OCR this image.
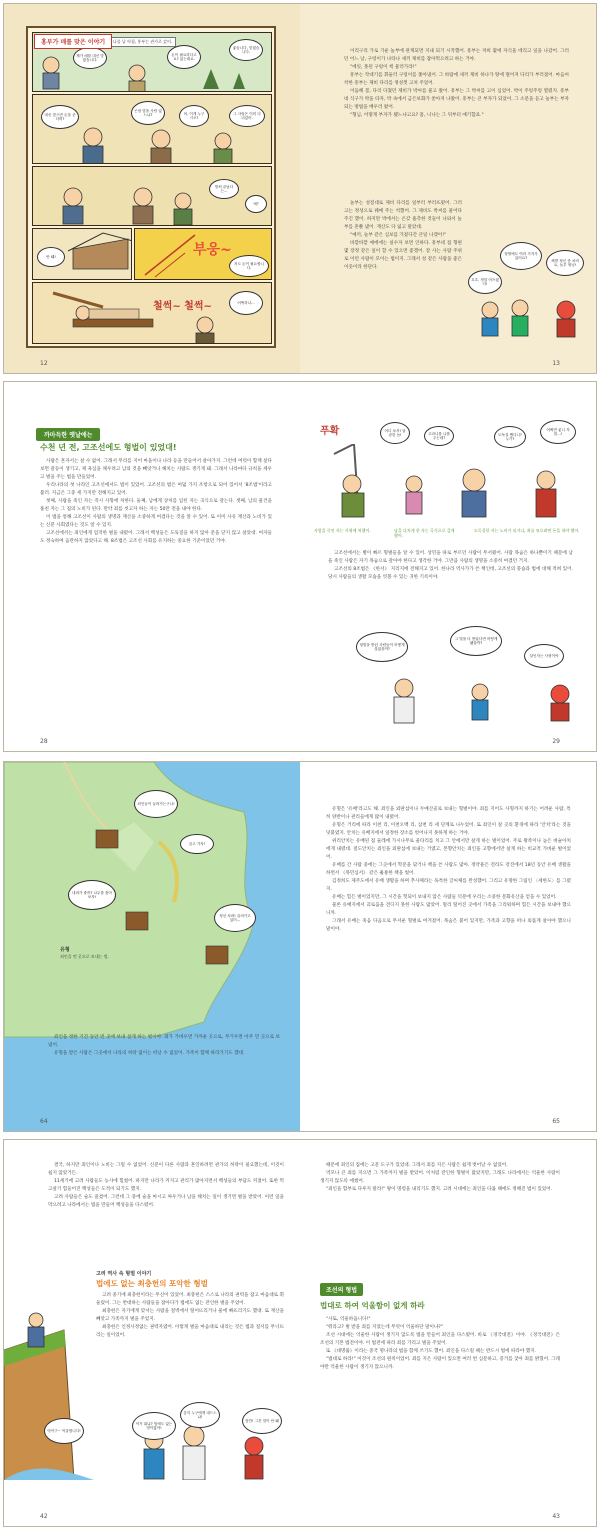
홍부가 매를 맞은 이야기	나물 날 아침, 홍부는 관가로 갔어.
제가 매를 대신 맞겠습니다.
돈이 필요하다고요? 없는데요.
좋습니다, 맞겠습니다.
대신 맞으면 돈을 준다며?
곤장 맞을 사람 없느냐?	어, 이게 누구시오?
그 사람은 이미 다녀갔어.
벌써 끝났다는...
예?
안 돼!	부웅~
저도 돈이 필요합니다.
철썩~ 철썩~	어떡하나...
12

이리구리 가로 기운 놀부에 관계되면 지내 되기 시작했어. 흥부는 저희 몇에 자식을 데리고 일을 나갔어. 그러던 어느 날, 구렁이가 나타나 새끼 제비를 잡아먹으려고 하는 거야.

"에잇, 못된 구렁이 썩 물러가라!"

흥부는 작대기를 휘둘러 구렁이를 쫓아냈어. 그 바람에 새끼 제비 하나가 땅에 떨어져 다리가 부러졌어. 마음씨 착한 흥부는 제비 다리를 정성껏 고쳐 주었어.

이듬해 봄, 다리 다쳤던 제비가 박씨를 물고 왔어. 흥부는 그 박씨를 고이 심었어. 박이 주렁주렁 열렸지. 흥부네 식구가 박을 타자, 박 속에서 금은보화가 쏟아져 나왔어. 흥부는 큰 부자가 되었어. 그 소문을 듣고 놀부는 부자 되는 방법을 배우러 왔어.

"형님, 어떻게 부자가 됐느냐고요? 흠, 니나는 그 뒤부터 얘기합죠."

놀부는 성질대로 제비 다리를 일부러 부러뜨렸어. 그러고는 정성으로 꿰매 주는 척했어. 그 제비도 박씨를 물어다 주긴 했어. 하지만 박에서는 온갖 흉측한 것들이 나와서 놀부를 혼쭐 냈어. 재산도 다 잃고 말았대.

"예끼, 놀부 같은 심보를 가졌다간 큰일 나겠어!"

바깥바깥 예에에는 실수자 보면 인하다. 흥부네 집 형편 몇 장정 같은 일이 할 수 있으면 좋겠어. 잘 사는 사람 주위로 이런 사람이 모이는 법이지. 그래서 성 같은 사람을 좋은 이웃이라 한단다.

흐흐, 정말 아프겠다!
형벌에도 여러 가지가 있어요?
제발 정신 좀 차려요, 놀부 형님!
13
까마득한 옛날에는
수천 년 전, 고조선에도 형벌이 있었대!

사람은 혼자서는 살 수 없어. 그래서 무리를 지어 마을이나 나라 등을 만들어서 살아가지. 그런데 여럿이 함께 살다 보면 갈등이 생기고, 제 욕심을 채우려고 남의 것을 빼앗거나 해치는 사람도 생기게 돼. 그래서 나라마다 규칙을 세우고 벌을 주는 법을 만들었어.

우리나라의 첫 나라인 고조선에서도 법이 있었어. 고조선의 법은 여덟 가지 조항으로 되어 있어서 '8조법'이라고 불러. 지금은 그중 세 가지만 전해지고 있어.

첫째, 사람을 죽인 자는 즉시 사형에 처한다. 둘째, 남에게 상처를 입힌 자는 곡식으로 갚는다. 셋째, 남의 물건을 훔친 자는 그 집의 노비가 된다. 만약 죄를 씻고자 하는 자는 50만 전을 내야 한다.

이 법을 통해 고조선이 사람의 생명과 재산을 소중하게 여겼다는 것을 알 수 있어. 또 이미 사유 재산과 노비가 있는 신분 사회였다는 것도 알 수 있지.

고조선에서는 죄인에게 엄격한 벌을 내렸어. 그래서 백성들은 도둑질을 하지 않아 문을 닫지 않고 살았대. 여자들도 정숙하여 음란하지 않았다고 해. 8조법은 고조선 사회를 유지하는 중요한 기준이었던 거야.

28
푸확	어디 보자! 앙큼한 놈!	고라니를 나를 주는데?
도둑질 했다니? 누가?
어쩌면 좋니 저를…!
사람을 죽인 자는 사형에 처했어.	남을 다치게 한 자는 곡식으로 갚게 했어.
도둑질한 자는 노비가 되거나, 죄를 씻으려면 돈을 내야 했어.

고조선에서는 별이 빠르 형벌들을 알 수 있어. 상민을 따로 부르던 사람이 무서웠어. 사람 목숨은 하나뿐이기 때문에 남을 죽인 사람은 자기 목숨으로 갚아야 한다고 생각한 거야. 그만큼 사람의 생명을 소중히 여겼던 거지.

고조선의 8조법은 《한서》 지리지에 전해지고 있어. 한나라 역사가가 쓴 책인데, 고조선의 풍습과 법에 대해 적혀 있어. 당시 사람들의 생활 모습을 엿볼 수 있는 귀한 기록이야.

형벌을 받던 사람들이 어떻게 살았을까?
그 벌을 다 받았다면 어떻게 됐을까?
살인자는 사형이야
29
죄인들이 끌려가는구나!
끌고 가자!
내려가 줄까? 나무를 찾아보자!
정신 차려! 끌려가고 있어...
유형
죄인을 먼 곳으로 보내는 벌.

죄인을 정한 기간 동안 먼 곳에 보내 살게 하는 벌이야. 죄가 가벼우면 가까운 곳으로, 무거우면 아주 먼 곳으로 보냈어.

유형을 받은 사람은 그곳에서 나라의 허락 없이는 떠날 수 없었어. 가족이 함께 따라가기도 했대.

64

유형은 '유배'라고도 해. 죄인을 외딴섬이나 두메산골로 보내는 형벌이야. 죄를 지어도 사형까지 하기는 어려운 사람, 특히 양반이나 관리들에게 많이 내렸어.

유형은 거리에 따라 이천 리, 이천오백 리, 삼천 리 세 단계로 나누었어. 또 죄인이 살 곳의 환경에 따라 '안치'라는 것을 덧붙였지. 안치는 유배지에서 일정한 장소를 벗어나지 못하게 하는 거야.

위리안치는 유배된 집 둘레에 가시나무로 울타리를 치고 그 안에서만 살게 하는 벌이었어. 주로 왕족이나 높은 벼슬아치에게 내렸대. 절도안치는 죄인을 외딴섬에 보내는 거였고, 본향안치는 죄인을 고향에서만 살게 하는 비교적 가벼운 벌이었어.

유배를 간 사람 중에는 그곳에서 학문을 닦거나 책을 쓴 사람도 많아. 정약용은 전라도 강진에서 18년 동안 유배 생활을 하면서 《목민심서》 같은 훌륭한 책을 썼어.

김정희도 제주도에서 유배 생활을 하며 추사체라는 독특한 글씨체를 완성했어. 그리고 유명한 그림인 〈세한도〉를 그렸지.

유배는 힘든 벌이었지만, 그 시간을 헛되이 보내지 않은 사람들 덕분에 우리는 소중한 문화유산을 얻을 수 있었어.

물론 유배지에서 괴로움을 견디지 못한 사람도 많았어. 멀리 떨어진 곳에서 가족을 그리워하며 힘든 시간을 보내야 했으니까.

그래서 유배는 죽음 다음으로 무서운 형벌로 여겨졌어. 목숨은 붙어 있지만, 가족과 고향을 떠나 외롭게 살아야 했으니 말이야.

65

결국, 하지만 죄인이나 노비는 그럴 수 없었어. 신분이 다른 사람과 혼인하려면 관가의 허락이 필요했는데, 이것이 쉽지 않았거든.

11세기에 고려 사람들도 농사에 힘썼어. 하지만 나라가 커지고 관리가 많아지면서 백성들의 부담도 커졌어. 또한 먹고살기 힘들어진 백성들은 도적이 되기도 했지.

고려 사람들은 술도 즐겼어. 그런데 그 중에 술을 마시고 싸우거나 남을 해치는 일이 생기면 벌을 받았어. 이런 일을 막으려고 나라에서는 법을 만들어 백성들을 다스렸어.

고려 역사 속 형벌 이야기
법에도 없는 최충헌의 포악한 형벌

고려 중기에 최충헌이라는 무신이 있었어. 최충헌은 스스로 나라의 권력을 잡고 마음대로 휘둘렀어. 그는 반대하는 사람들을 잡아다가 법에도 없는 잔인한 벌을 주었어.

최충헌은 자기에게 맞서는 사람을 절벽에서 떨어뜨리거나 물에 빠뜨리기도 했대. 또 재산을 빼앗고 가족까지 벌을 주었지.

최충헌은 인정사정없는 권력자였어. 이렇게 벌을 마음대로 내리는 것은 법과 질서를 무너뜨리는 일이었어.

아이구~ 억울합니다!
이거 뭐냐? 법에도 없는 벌이잖아!
감히 누구에게 대드느냐!
잠깐! 그건 말이 안 돼
42

때문에 죄인의 집에는 고문 도구가 있었대. 그래서 죄를 지은 사람은 쉽게 벗어날 수 없었어.

역모나 큰 죄를 지으면 그 가족까지 벌을 받았어. 이처럼 잔인한 형벌이 많았지만, 그래도 나라에서는 억울한 사람이 생기지 않도록 애썼어.

"죄인을 함부로 다루지 말라!" 왕이 명령을 내리기도 했지. 고려 시대에는 죄인을 다룰 때에도 정해진 법이 있었어.

조선의 형법
법대로 하여 억울함이 없게 하라

"사또, 억울하옵니다!"

"뭐라고? 벌 받을 죄를 지었는데 무엇이 억울하단 말이냐?"

조선 시대에는 억울한 사람이 생기지 않도록 법을 만들어 죄인을 다스렸어. 바로 《경국대전》이야. 《경국대전》은 조선의 기본 법전이야. 이 법전에 따라 죄를 가리고 벌을 주었어.

또 《대명률》이라는 중국 명나라의 법을 함께 쓰기도 했어. 죄인을 다스릴 때는 반드시 법에 따라야 했지.

"법대로 하라!" 이것이 조선의 원칙이었어. 죄를 지은 사람이 있으면 여러 번 심문하고, 증거를 찾아 죄를 밝혔어. 그래야만 억울한 사람이 생기지 않으니까.

43
